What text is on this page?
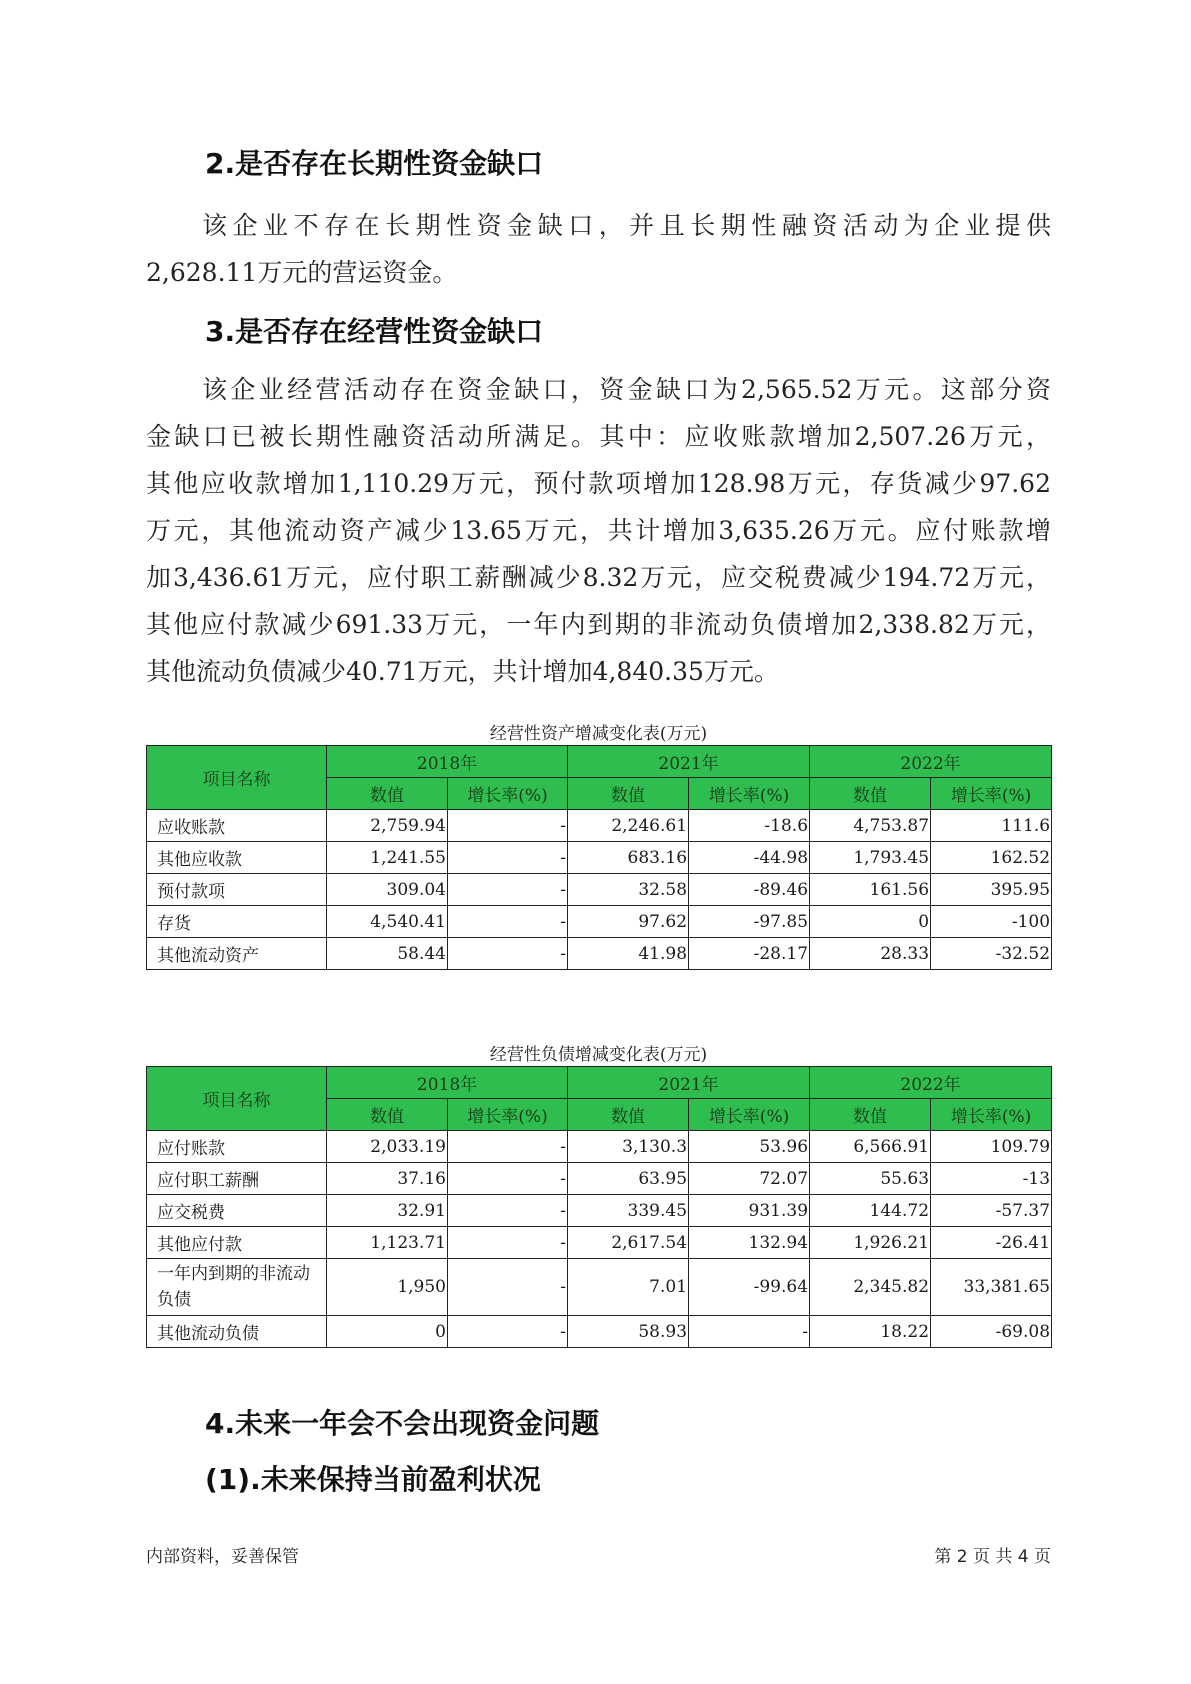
2.是否存在长期性资金缺口
该企业不存在长期性资金缺口，并且长期性融资活动为企业提供
2,628.11万元的营运资金。
3.是否存在经营性资金缺口
该企业经营活动存在资金缺口，资金缺口为2,565.52万元。这部分资
金缺口已被长期性融资活动所满足。其中：应收账款增加2,507.26万元，
其他应收款增加1,110.29万元，预付款项增加128.98万元，存货减少97.62
万元，其他流动资产减少13.65万元，共计增加3,635.26万元。应付账款增
加3,436.61万元，应付职工薪酬减少8.32万元，应交税费减少194.72万元，
其他应付款减少691.33万元，一年内到期的非流动负债增加2,338.82万元，
其他流动负债减少40.71万元，共计增加4,840.35万元。
经营性资产增减变化表(万元)
项目名称	2018年		2021年		2022年	
	数值	增长率(%)	数值	增长率(%)	数值	增长率(%)
应收账款	2,759.94	-	2,246.61	-18.6	4,753.87	111.6
其他应收款	1,241.55	-	683.16	-44.98	1,793.45	162.52
预付款项	309.04	-	32.58	-89.46	161.56	395.95
存货	4,540.41	-	97.62	-97.85	0	-100
其他流动资产	58.44	-	41.98	-28.17	28.33	-32.52
经营性负债增减变化表(万元)
项目名称	2018年		2021年		2022年	
	数值	增长率(%)	数值	增长率(%)	数值	增长率(%)
应付账款	2,033.19	-	3,130.3	53.96	6,566.91	109.79
应付职工薪酬	37.16	-	63.95	72.07	55.63	-13
应交税费	32.91	-	339.45	931.39	144.72	-57.37
其他应付款	1,123.71	-	2,617.54	132.94	1,926.21	-26.41
一年内到期的非流动负债	1,950	-	7.01	-99.64	2,345.82	33,381.65
其他流动负债	0	-	58.93	-	18.22	-69.08
4.未来一年会不会出现资金问题
(1).未来保持当前盈利状况
内部资料，妥善保管	第 2 页 共 4 页
